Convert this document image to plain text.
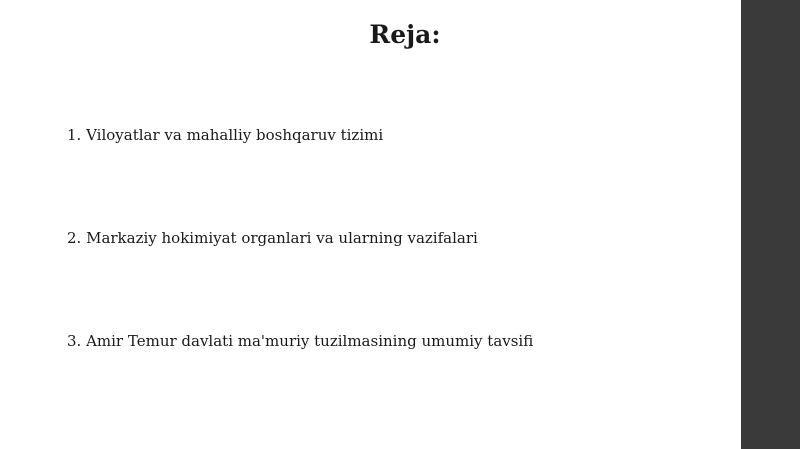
Reja:
1. Viloyatlar va mahalliy boshqaruv tizimi
2. Markaziy hokimiyat organlari va ularning vazifalari
3. Amir Temur davlati ma'muriy tuzilmasining umumiy tavsifi
